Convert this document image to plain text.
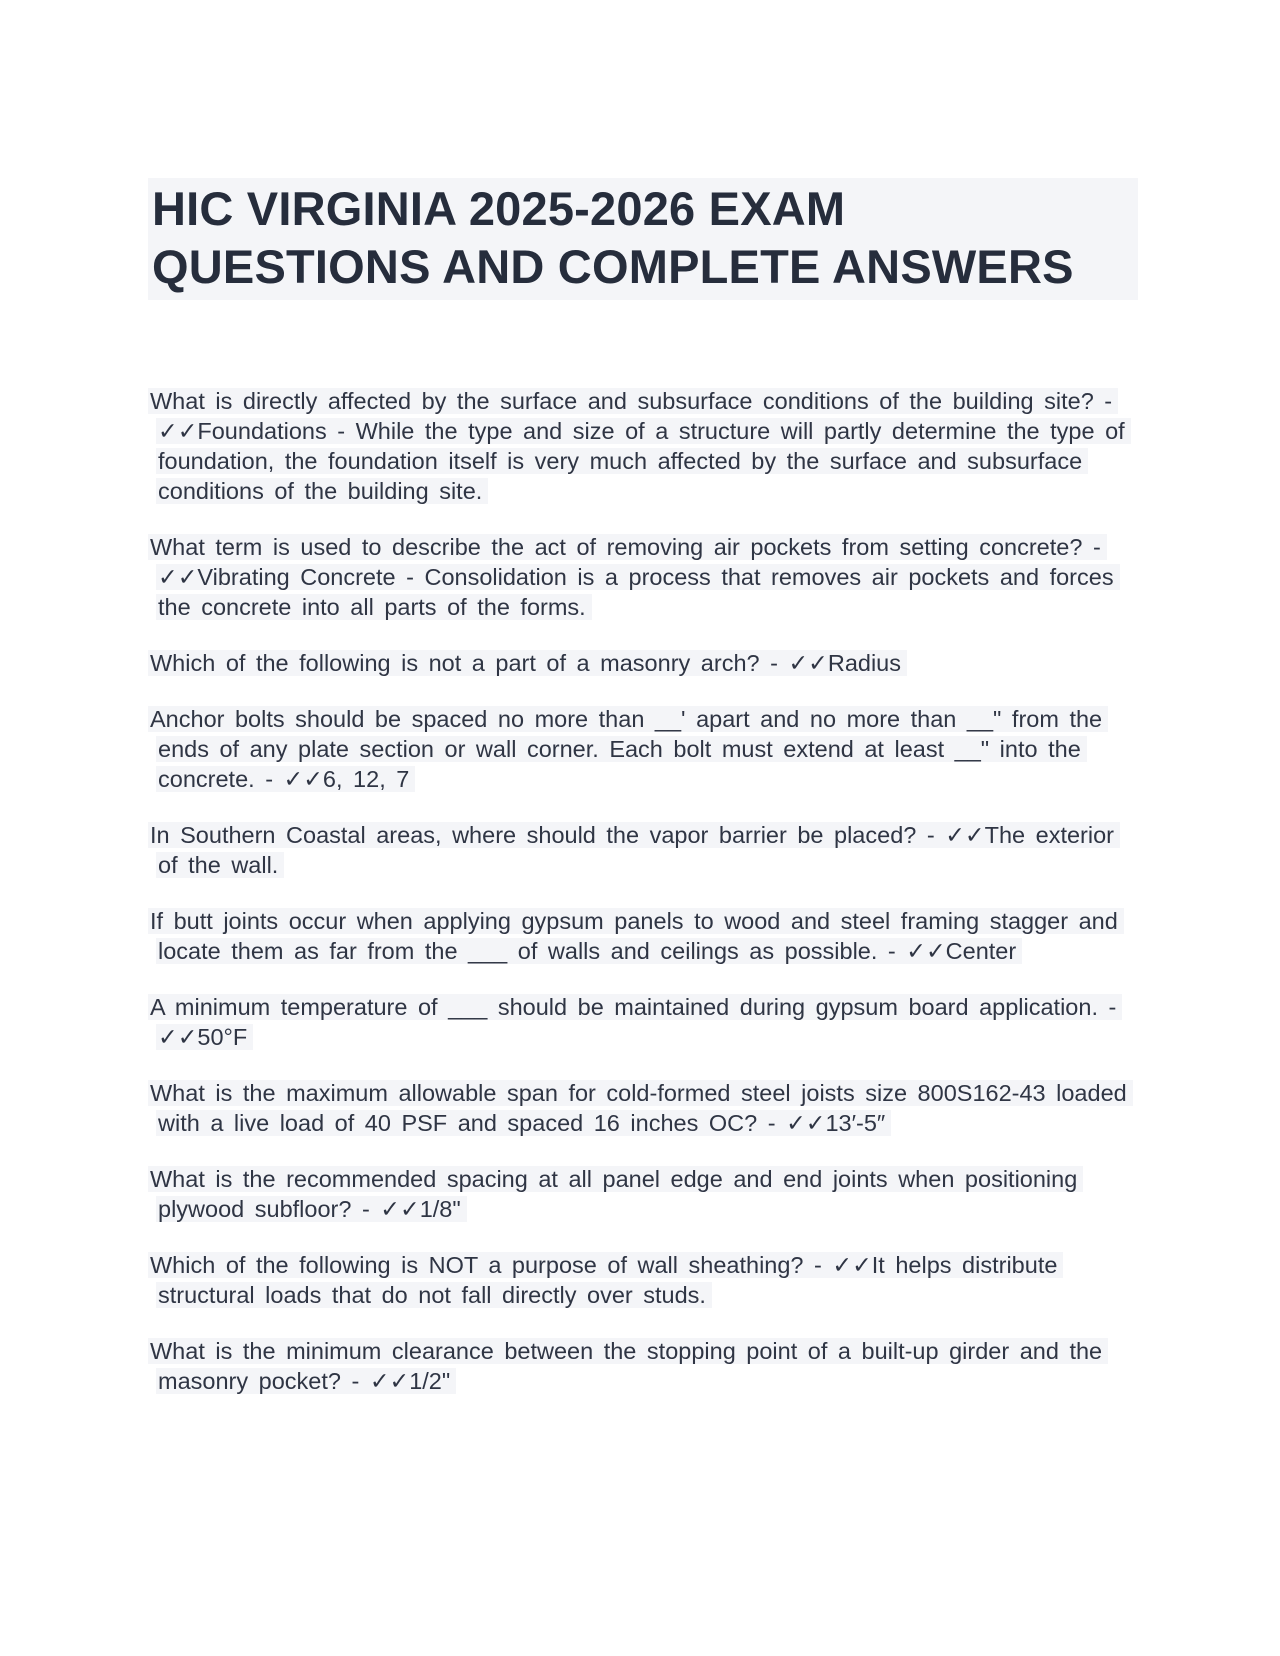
HIC VIRGINIA 2025-2026 EXAM QUESTIONS AND COMPLETE ANSWERS

What is directly affected by the surface and subsurface conditions of the building site? - ✓✓Foundations - While the type and size of a structure will partly determine the type of foundation, the foundation itself is very much affected by the surface and subsurface conditions of the building site.

What term is used to describe the act of removing air pockets from setting concrete? - ✓✓Vibrating Concrete - Consolidation is a process that removes air pockets and forces the concrete into all parts of the forms.

Which of the following is not a part of a masonry arch? - ✓✓Radius

Anchor bolts should be spaced no more than __' apart and no more than __" from the ends of any plate section or wall corner. Each bolt must extend at least __" into the concrete. - ✓✓6, 12, 7

In Southern Coastal areas, where should the vapor barrier be placed? - ✓✓The exterior of the wall.

If butt joints occur when applying gypsum panels to wood and steel framing stagger and locate them as far from the ___ of walls and ceilings as possible. - ✓✓Center

A minimum temperature of ___ should be maintained during gypsum board application. - ✓✓50°F

What is the maximum allowable span for cold-formed steel joists size 800S162-43 loaded with a live load of 40 PSF and spaced 16 inches OC? - ✓✓13′-5″

What is the recommended spacing at all panel edge and end joints when positioning plywood subfloor? - ✓✓1/8"

Which of the following is NOT a purpose of wall sheathing? - ✓✓It helps distribute structural loads that do not fall directly over studs.

What is the minimum clearance between the stopping point of a built-up girder and the masonry pocket? - ✓✓1/2"
